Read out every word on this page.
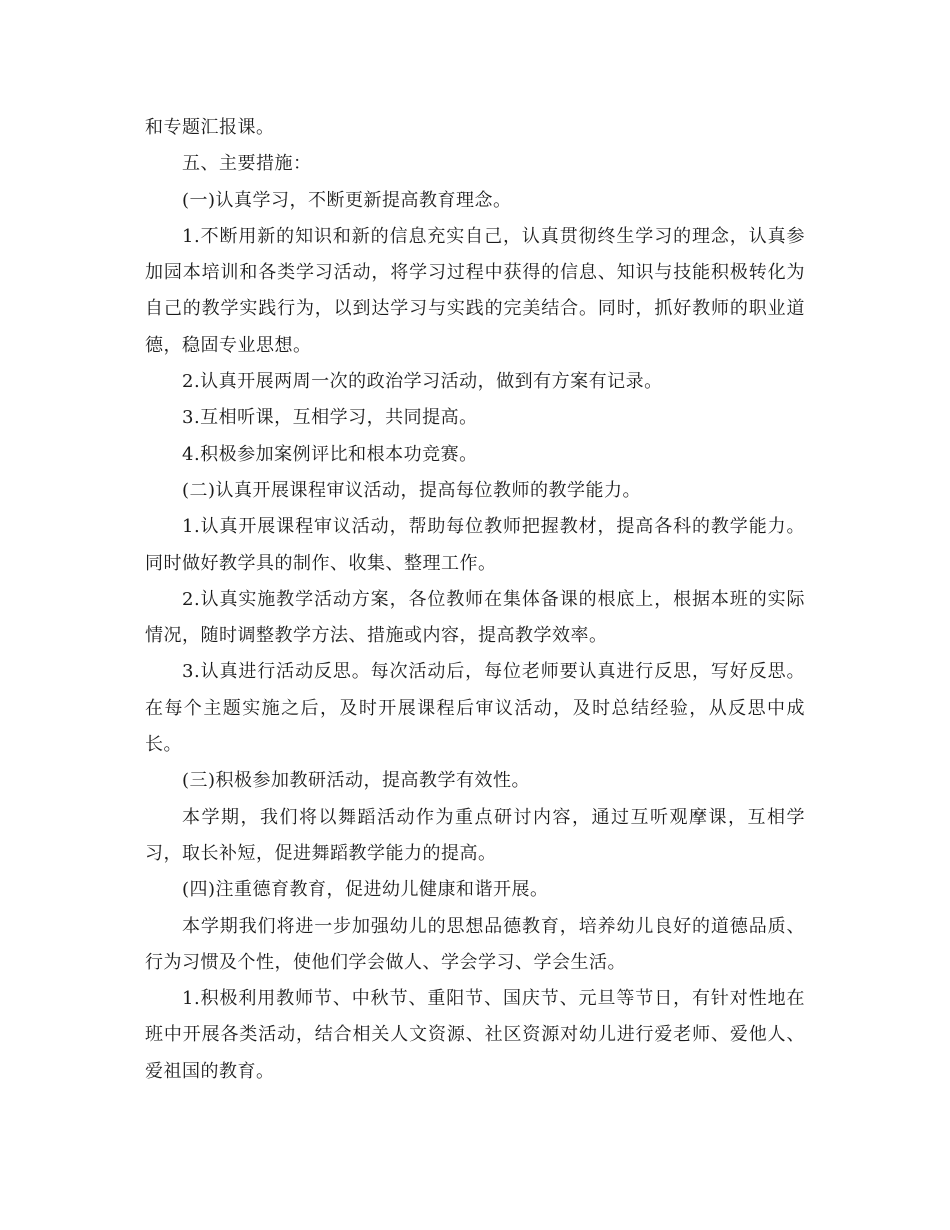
和专题汇报课。

五、主要措施：

(一)认真学习，不断更新提高教育理念。

1.不断用新的知识和新的信息充实自己，认真贯彻终生学习的理念，认真参加园本培训和各类学习活动，将学习过程中获得的信息、知识与技能积极转化为自己的教学实践行为，以到达学习与实践的完美结合。同时，抓好教师的职业道德，稳固专业思想。

2.认真开展两周一次的政治学习活动，做到有方案有记录。

3.互相听课，互相学习，共同提高。

4.积极参加案例评比和根本功竞赛。

(二)认真开展课程审议活动，提高每位教师的教学能力。

1.认真开展课程审议活动，帮助每位教师把握教材，提高各科的教学能力。同时做好教学具的制作、收集、整理工作。

2.认真实施教学活动方案，各位教师在集体备课的根底上，根据本班的实际情况，随时调整教学方法、措施或内容，提高教学效率。

3.认真进行活动反思。每次活动后，每位老师要认真进行反思，写好反思。在每个主题实施之后，及时开展课程后审议活动，及时总结经验，从反思中成长。

(三)积极参加教研活动，提高教学有效性。

本学期，我们将以舞蹈活动作为重点研讨内容，通过互听观摩课，互相学习，取长补短，促进舞蹈教学能力的提高。

(四)注重德育教育，促进幼儿健康和谐开展。

本学期我们将进一步加强幼儿的思想品德教育，培养幼儿良好的道德品质、行为习惯及个性，使他们学会做人、学会学习、学会生活。

1.积极利用教师节、中秋节、重阳节、国庆节、元旦等节日，有针对性地在班中开展各类活动，结合相关人文资源、社区资源对幼儿进行爱老师、爱他人、爱祖国的教育。
